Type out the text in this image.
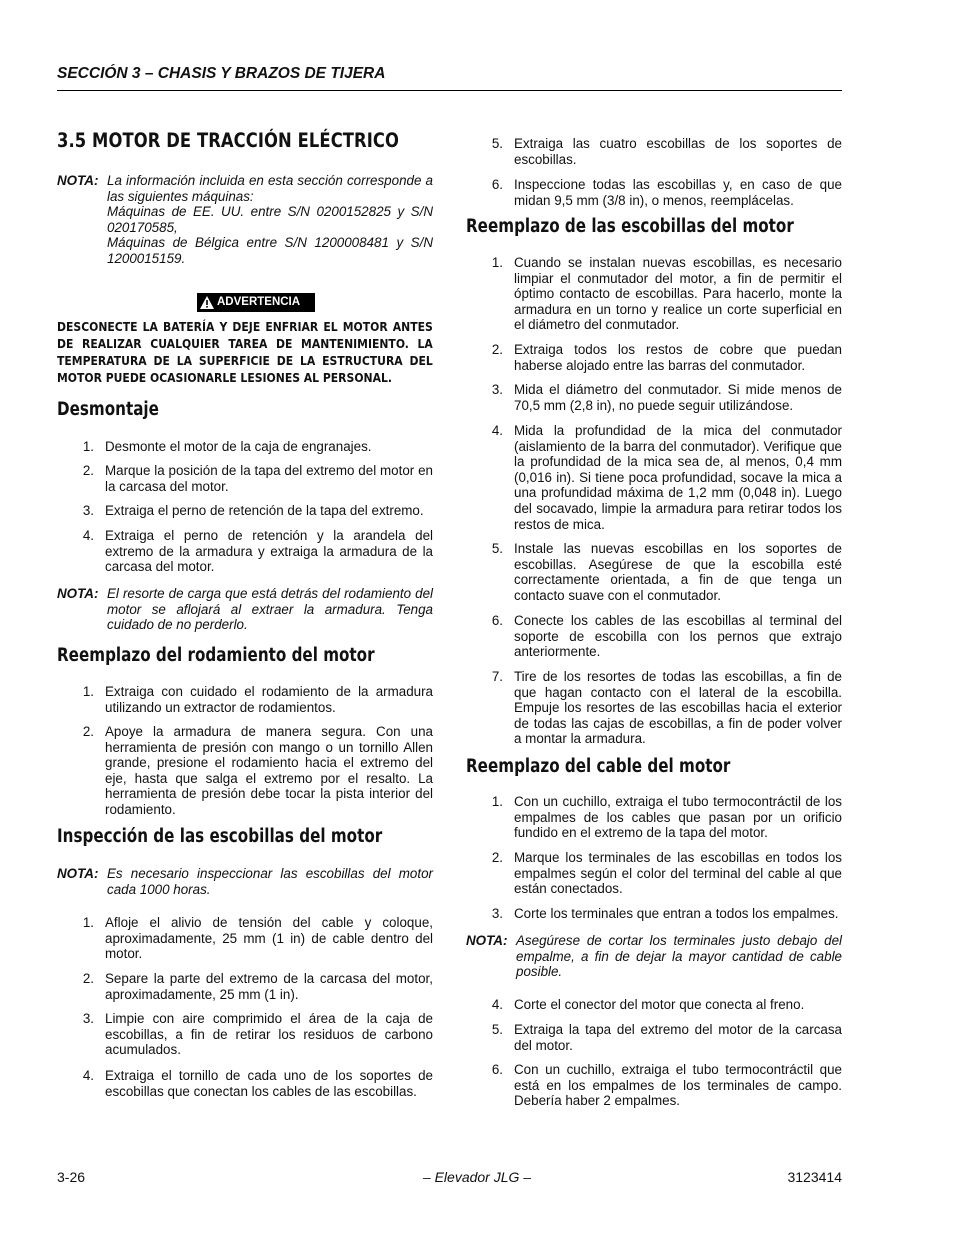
SECCIÓN 3 – CHASIS Y BRAZOS DE TIJERA
3.5 MOTOR DE TRACCIÓN ELÉCTRICO
NOTA: La información incluida en esta sección corresponde a las siguientes máquinas:
Máquinas de EE. UU. entre S/N 0200152825 y S/N 020170585,
Máquinas de Bélgica entre S/N 1200008481 y S/N 1200015159.
ADVERTENCIA
DESCONECTE LA BATERÍA Y DEJE ENFRIAR EL MOTOR ANTES DE REALIZAR CUALQUIER TAREA DE MANTENIMIENTO. LA TEMPERATURA DE LA SUPERFICIE DE LA ESTRUCTURA DEL MOTOR PUEDE OCASIONARLE LESIONES AL PERSONAL.
Desmontaje
1. Desmonte el motor de la caja de engranajes.
2. Marque la posición de la tapa del extremo del motor en la carcasa del motor.
3. Extraiga el perno de retención de la tapa del extremo.
4. Extraiga el perno de retención y la arandela del extremo de la armadura y extraiga la armadura de la carcasa del motor.
NOTA: El resorte de carga que está detrás del rodamiento del motor se aflojará al extraer la armadura. Tenga cuidado de no perderlo.
Reemplazo del rodamiento del motor
1. Extraiga con cuidado el rodamiento de la armadura utilizando un extractor de rodamientos.
2. Apoye la armadura de manera segura. Con una herramienta de presión con mango o un tornillo Allen grande, presione el rodamiento hacia el extremo del eje, hasta que salga el extremo por el resalto. La herramienta de presión debe tocar la pista interior del rodamiento.
Inspección de las escobillas del motor
NOTA: Es necesario inspeccionar las escobillas del motor cada 1000 horas.
1. Afloje el alivio de tensión del cable y coloque, aproximadamente, 25 mm (1 in) de cable dentro del motor.
2. Separe la parte del extremo de la carcasa del motor, aproximadamente, 25 mm (1 in).
3. Limpie con aire comprimido el área de la caja de escobillas, a fin de retirar los residuos de carbono acumulados.
4. Extraiga el tornillo de cada uno de los soportes de escobillas que conectan los cables de las escobillas.
5. Extraiga las cuatro escobillas de los soportes de escobillas.
6. Inspeccione todas las escobillas y, en caso de que midan 9,5 mm (3/8 in), o menos, reemplácelas.
Reemplazo de las escobillas del motor
1. Cuando se instalan nuevas escobillas, es necesario limpiar el conmutador del motor, a fin de permitir el óptimo contacto de escobillas. Para hacerlo, monte la armadura en un torno y realice un corte superficial en el diámetro del conmutador.
2. Extraiga todos los restos de cobre que puedan haberse alojado entre las barras del conmutador.
3. Mida el diámetro del conmutador. Si mide menos de 70,5 mm (2,8 in), no puede seguir utilizándose.
4. Mida la profundidad de la mica del conmutador (aislamiento de la barra del conmutador). Verifique que la profundidad de la mica sea de, al menos, 0,4 mm (0,016 in). Si tiene poca profundidad, socave la mica a una profundidad máxima de 1,2 mm (0,048 in). Luego del socavado, limpie la armadura para retirar todos los restos de mica.
5. Instale las nuevas escobillas en los soportes de escobillas. Asegúrese de que la escobilla esté correctamente orientada, a fin de que tenga un contacto suave con el conmutador.
6. Conecte los cables de las escobillas al terminal del soporte de escobilla con los pernos que extrajo anteriormente.
7. Tire de los resortes de todas las escobillas, a fin de que hagan contacto con el lateral de la escobilla. Empuje los resortes de las escobillas hacia el exterior de todas las cajas de escobillas, a fin de poder volver a montar la armadura.
Reemplazo del cable del motor
1. Con un cuchillo, extraiga el tubo termocontráctil de los empalmes de los cables que pasan por un orificio fundido en el extremo de la tapa del motor.
2. Marque los terminales de las escobillas en todos los empalmes según el color del terminal del cable al que están conectados.
3. Corte los terminales que entran a todos los empalmes.
NOTA: Asegúrese de cortar los terminales justo debajo del empalme, a fin de dejar la mayor cantidad de cable posible.
4. Corte el conector del motor que conecta al freno.
5. Extraiga la tapa del extremo del motor de la carcasa del motor.
6. Con un cuchillo, extraiga el tubo termocontráctil que está en los empalmes de los terminales de campo. Debería haber 2 empalmes.
3-26	– Elevador JLG –	3123414
